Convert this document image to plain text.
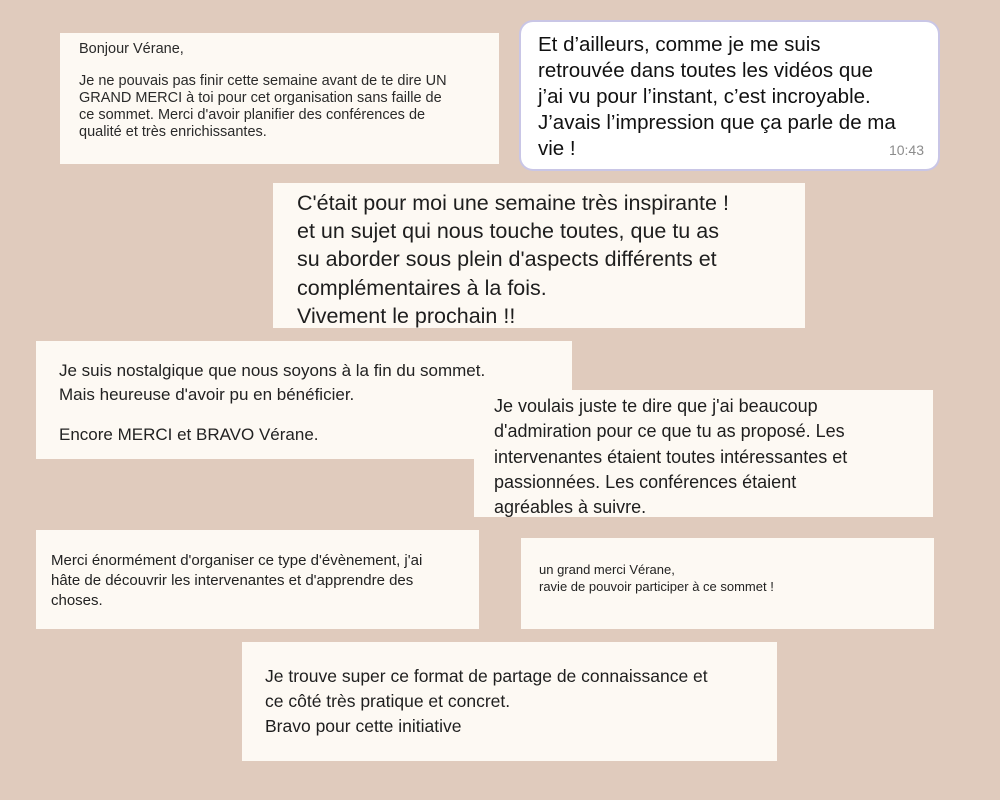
Bonjour Vérane,
Je ne pouvais pas finir cette semaine avant de te dire UN
GRAND MERCI à toi pour cet organisation sans faille de
ce sommet. Merci d'avoir planifier des conférences de
qualité et très enrichissantes.
Et d’ailleurs, comme je me suis
retrouvée dans toutes les vidéos que
j’ai vu pour l’instant, c’est incroyable.
J’avais l’impression que ça parle de ma
vie !	10:43
C'était pour moi une semaine très inspirante !
et un sujet qui nous touche toutes, que tu as
su aborder sous plein d'aspects différents et
complémentaires à la fois.
Vivement le prochain !!
Je suis nostalgique que nous soyons à la fin du sommet.
Mais heureuse d'avoir pu en bénéficier.
Encore MERCI et BRAVO Vérane.
Je voulais juste te dire que j'ai beaucoup
d'admiration pour ce que tu as proposé. Les
intervenantes étaient toutes intéressantes et
passionnées. Les conférences étaient
agréables à suivre.
Merci énormément d'organiser ce type d'évènement, j'ai
hâte de découvrir les intervenantes et d'apprendre des
choses.
un grand merci Vérane,
ravie de pouvoir participer à ce sommet !
Je trouve super ce format de partage de connaissance et
ce côté très pratique et concret.
Bravo pour cette initiative
